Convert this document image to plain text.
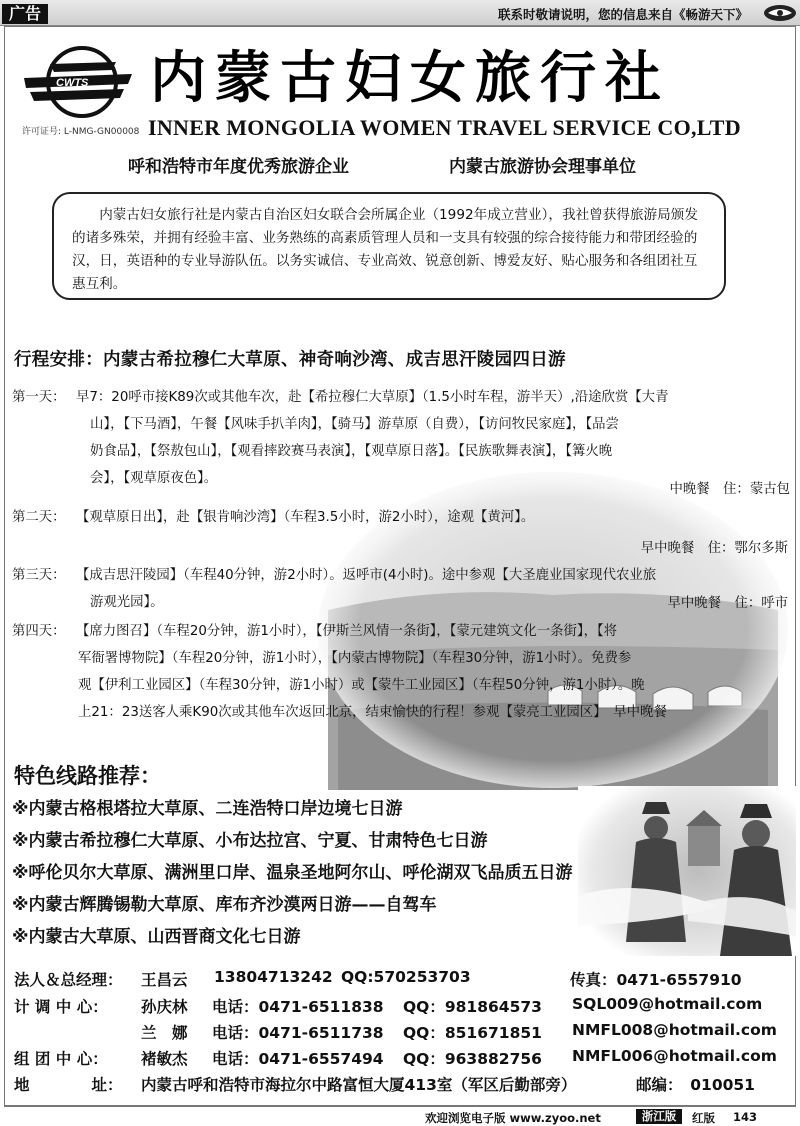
广告	联系时敬请说明，您的信息来自《畅游天下》
CWTS
许可证号: L-NMG-GN00008
内蒙古妇女旅行社
INNER MONGOLIA WOMEN TRAVEL SERVICE CO,LTD
呼和浩特市年度优秀旅游企业	内蒙古旅游协会理事单位
内蒙古妇女旅行社是内蒙古自治区妇女联合会所属企业（1992年成立营业），我社曾获得旅游局颁发的诸多殊荣，并拥有经验丰富、业务熟练的高素质管理人员和一支具有较强的综合接待能力和带团经验的汉，日，英语种的专业导游队伍。以务实诚信、专业高效、锐意创新、博爱友好、贴心服务和各组团社互惠互利。
行程安排：内蒙古希拉穆仁大草原、神奇响沙湾、成吉思汗陵园四日游
第一天： 早7：20呼市接K89次或其他车次，赴【希拉穆仁大草原】（1.5小时车程，游半天）,沿途欣赏【大青
山】，【下马酒】，午餐【风味手扒羊肉】，【骑马】游草原（自费），【访问牧民家庭】，【品尝
奶食品】，【祭敖包山】，【观看摔跤赛马表演】，【观草原日落】。【民族歌舞表演】，【篝火晚
会】，【观草原夜色】。
中晚餐　住：蒙古包
第二天： 【观草原日出】，赴【银肯响沙湾】（车程3.5小时，游2小时），途观【黄河】。
早中晚餐　住：鄂尔多斯
第三天： 【成吉思汗陵园】（车程40分钟，游2小时）。返呼市(4小时)。途中参观【大圣鹿业国家现代农业旅
游观光园】。	早中晚餐　住：呼市
第四天： 【席力图召】（车程20分钟，游1小时），【伊斯兰风情一条街】，【蒙元建筑文化一条街】，【将
军衙署博物院】（车程20分钟，游1小时），【内蒙古博物院】（车程30分钟，游1小时）。免费参
观【伊利工业园区】（车程30分钟，游1小时）或【蒙牛工业园区】（车程50分钟，游1小时）。晚
上21：23送客人乘K90次或其他车次返回北京，结束愉快的行程！参观【蒙亮工业园区】　早中晚餐
特色线路推荐：
※内蒙古格根塔拉大草原、二连浩特口岸边境七日游
※内蒙古希拉穆仁大草原、小布达拉宫、宁夏、甘肃特色七日游
※呼伦贝尔大草原、满洲里口岸、温泉圣地阿尔山、呼伦湖双飞品质五日游
※内蒙古辉腾锡勒大草原、库布齐沙漠两日游——自驾车
※内蒙古大草原、山西晋商文化七日游
法人＆总经理： 王昌云 13804713242 QQ:570253703	传真：0471-6557910
计 调 中 心： 孙庆林 电话：0471-6511838 QQ：981864573 SQL009@hotmail.com
兰　娜 电话：0471-6511738 QQ：851671851 NMFL008@hotmail.com
组 团 中 心： 褚敏杰 电话：0471-6557494 QQ：963882756 NMFL006@hotmail.com
地　　　　址： 内蒙古呼和浩特市海拉尔中路富恒大厦413室（军区后勤部旁）	邮编：　010051
欢迎浏览电子版 www.zyoo.net	浙江版	红版 143
